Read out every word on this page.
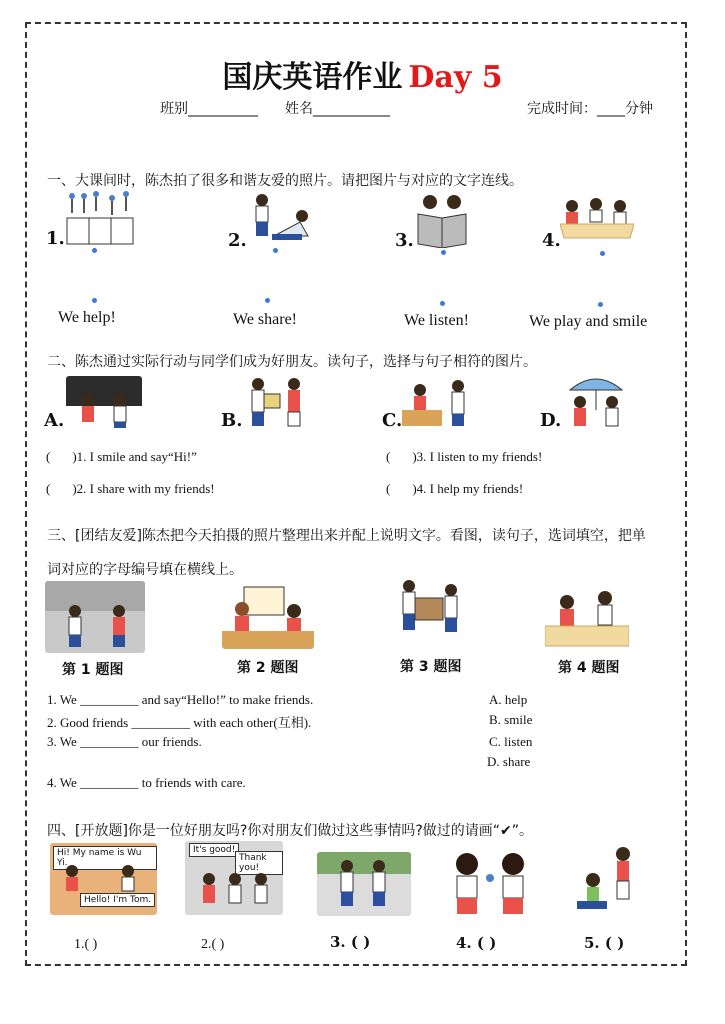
国庆英语作业 Day 5
班别__________ 姓名___________	完成时间：____分钟
一、大课间时，陈杰拍了很多和谐友爱的照片。请把图片与对应的文字连线。
1.	2.	3.	4.
We help!	We share!	We listen!	We play and smile
二、陈杰通过实际行动与同学们成为好朋友。读句子，选择与句子相符的图片。
A.	B.	C.	D.
( )1. I smile and say“Hi!”	( )3. I listen to my friends!
( )2. I share with my friends!	( )4. I help my friends!
三、[团结友爱]陈杰把今天拍摄的照片整理出来并配上说明文字。看图，读句子，选词填空，把单
词对应的字母编号填在横线上。
第 1 题图	第 2 题图	第 3 题图	第 4 题图
1. We _________ and say“Hello!” to make friends.
2. Good friends _________ with each other(互相).
3. We _________ our friends.
4. We _________ to friends with care.
A. help
B. smile
C. listen
D. share
四、[开放题]你是一位好朋友吗?你对朋友们做过这些事情吗?做过的请画“✔”。
Hi! My name is Wu Yi.
Hello! I'm Tom.
It's good!
Thank you!
1.( )	2.( )	3. ( )	4. ( )	5. ( )
